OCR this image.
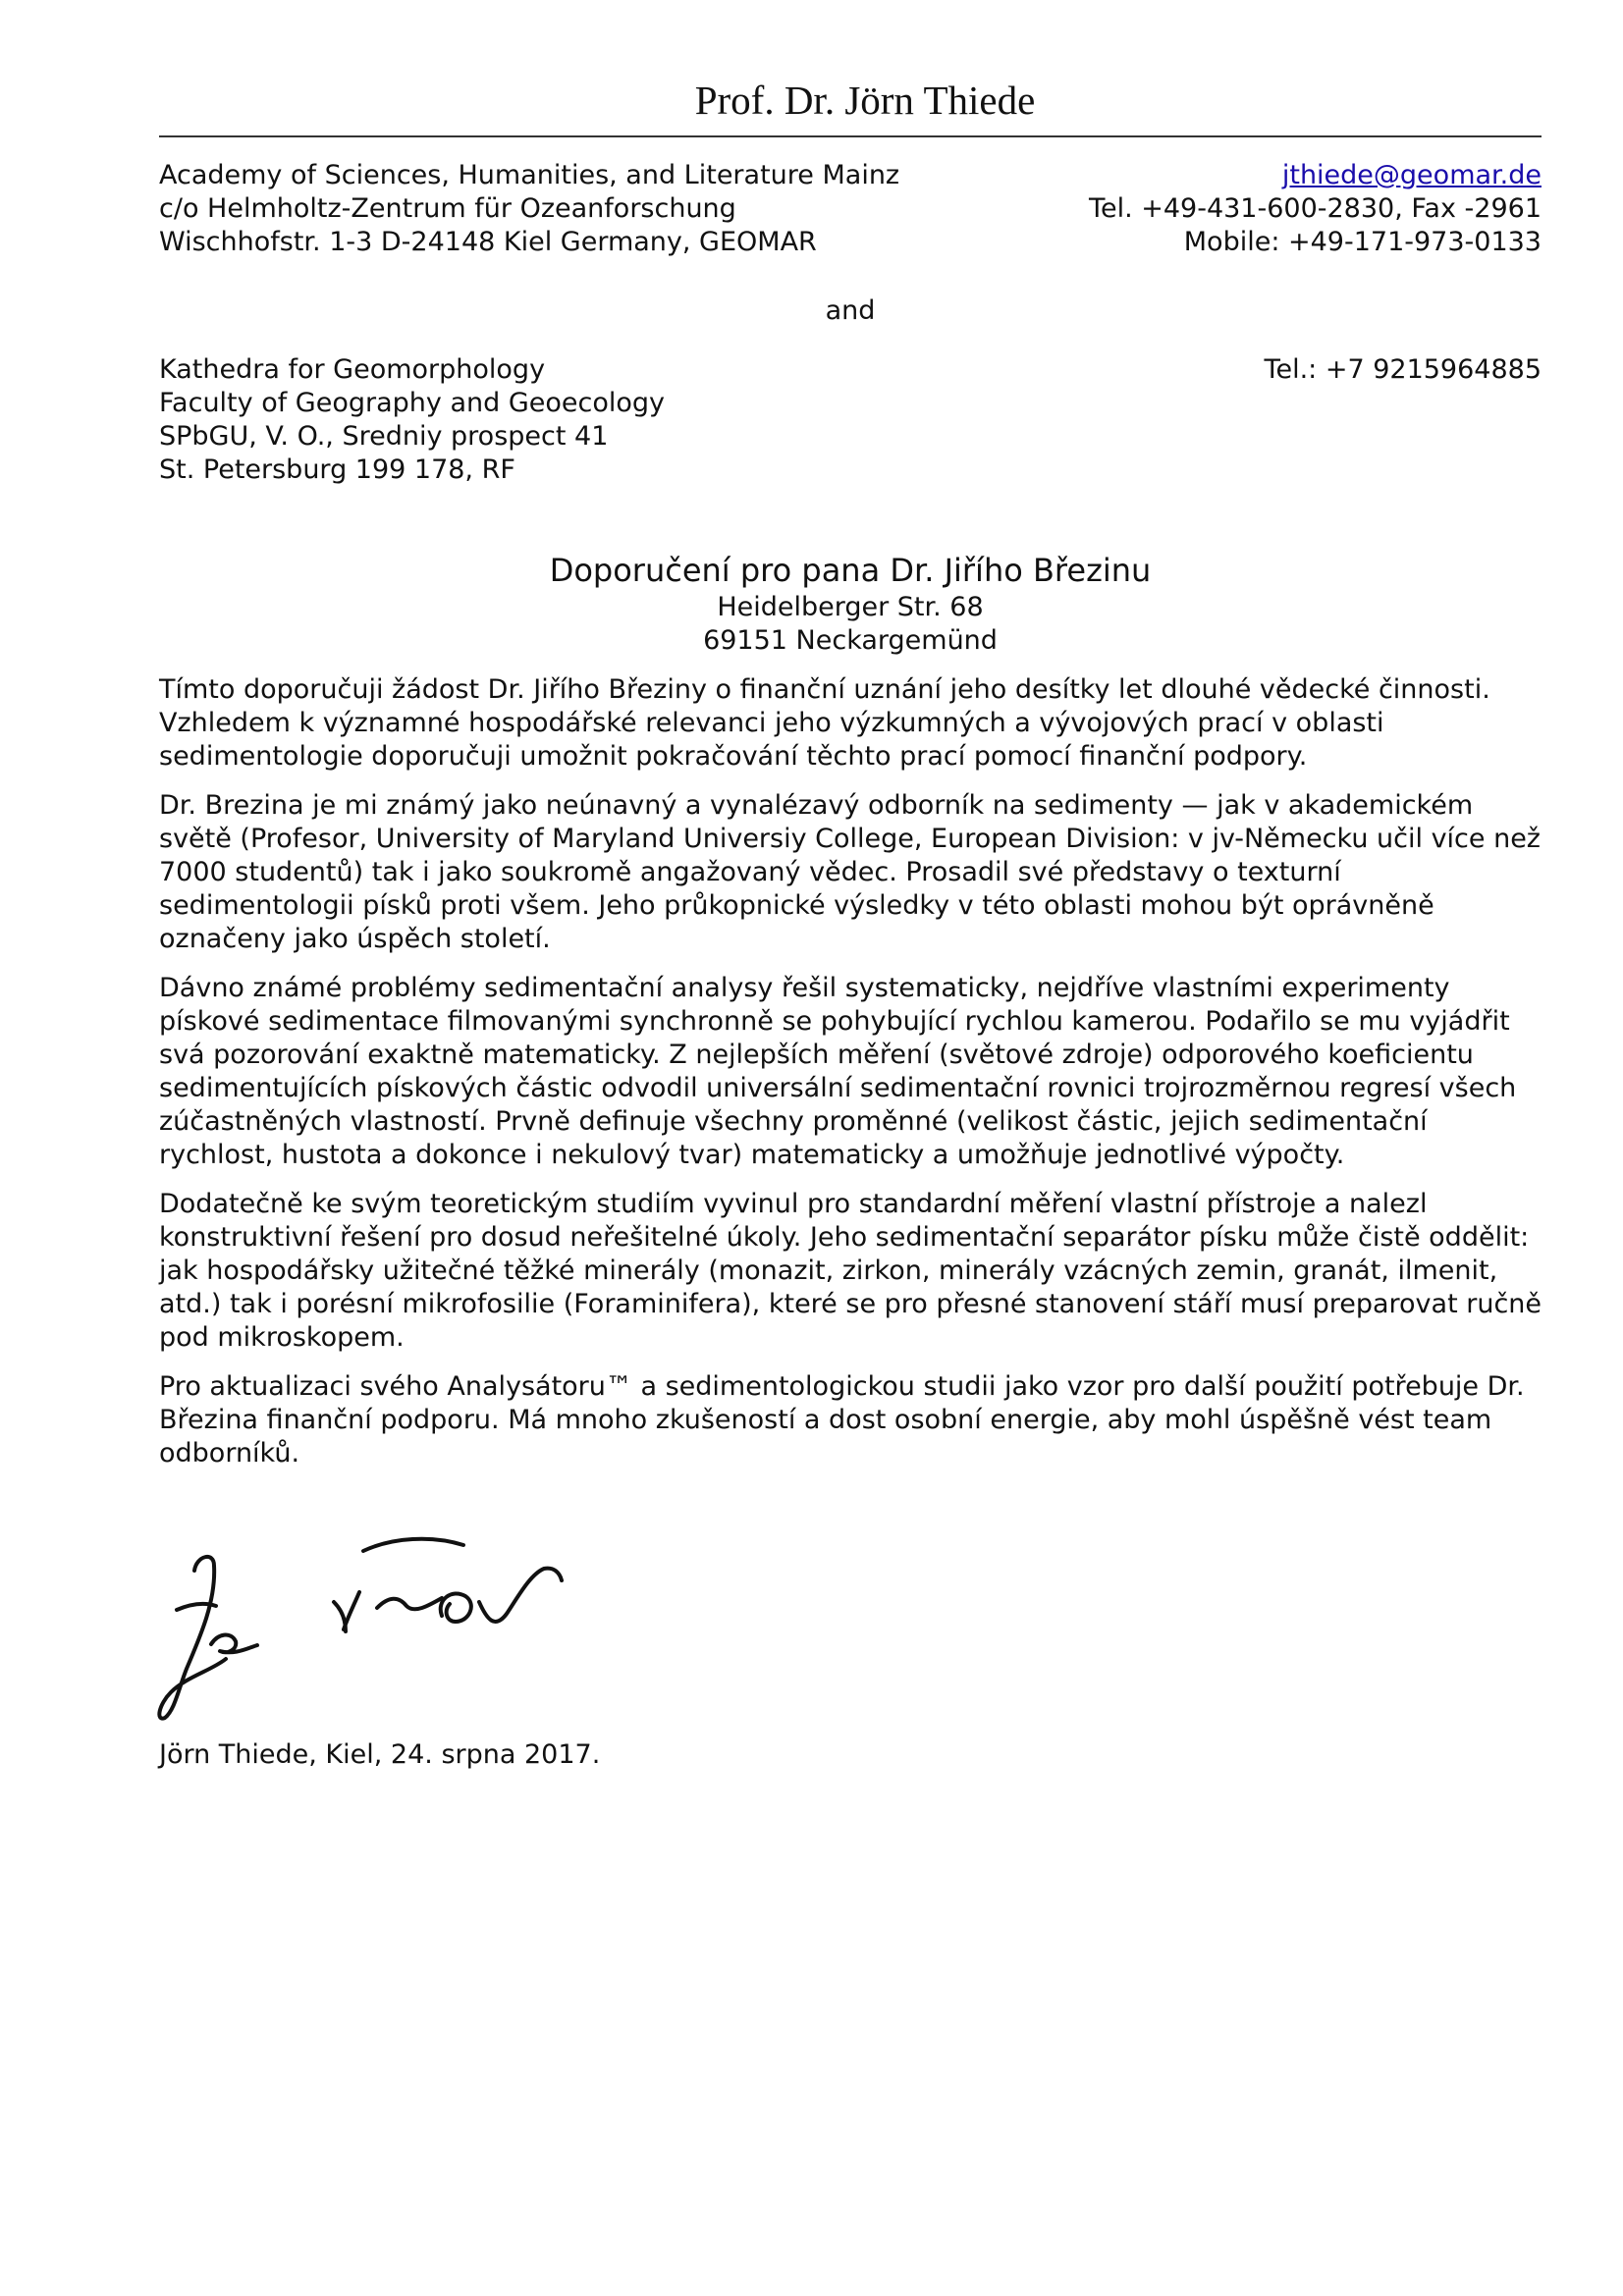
Prof. Dr. Jörn Thiede
Academy of Sciences, Humanities, and Literature Mainz
c/o Helmholtz-Zentrum für Ozeanforschung
Wischhofstr. 1-3 D-24148 Kiel Germany, GEOMAR
jthiede@geomar.de
Tel. +49-431-600-2830, Fax -2961
Mobile: +49-171-973-0133
and
Kathedra for Geomorphology
Faculty of Geography and Geoecology
SPbGU, V. O., Sredniy prospect 41
St. Petersburg 199 178, RF
Tel.: +7 9215964885
Doporučení pro pana Dr. Jiřího Březinu
Heidelberger Str. 68
69151 Neckargemünd

Tímto doporučuji žádost Dr. Jiřího Březiny o finanční uznání jeho desítky let dlouhé vědecké činnosti. Vzhledem k významné hospodářské relevanci jeho výzkumných a vývojových prací v oblasti sedimentologie doporučuji umožnit pokračování těchto prací pomocí finanční podpory.

Dr. Brezina je mi známý jako neúnavný a vynalézavý odborník na sedimenty — jak v akademickém světě (Profesor, University of Maryland Universiy College, European Division: v jv-Německu učil více než 7000 studentů) tak i jako soukromě angažovaný vědec. Prosadil své představy o texturní sedimentologii písků proti všem. Jeho průkopnické výsledky v této oblasti mohou být oprávněně označeny jako úspěch století.

Dávno známé problémy sedimentační analysy řešil systematicky, nejdříve vlastními experimenty pískové sedimentace filmovanými synchronně se pohybující rychlou kamerou. Podařilo se mu vyjádřit svá pozorování exaktně matematicky. Z nejlepších měření (světové zdroje) odporového koeficientu sedimentujících pískových částic odvodil universální sedimentační rovnici trojrozměrnou regresí všech zúčastněných vlastností. Prvně definuje všechny proměnné (velikost částic, jejich sedimentační rychlost, hustota a dokonce i nekulový tvar) matematicky a umožňuje jednotlivé výpočty.

Dodatečně ke svým teoretickým studiím vyvinul pro standardní měření vlastní přístroje a nalezl konstruktivní řešení pro dosud neřešitelné úkoly. Jeho sedimentační separátor písku může čistě oddělit: jak hospodářsky užitečné těžké minerály (monazit, zirkon, minerály vzácných zemin, granát, ilmenit, atd.) tak i porésní mikrofosilie (Foraminifera), které se pro přesné stanovení stáří musí preparovat ručně pod mikroskopem.

Pro aktualizaci svého Analysátoru™ a sedimentologickou studii jako vzor pro další použití potřebuje Dr. Březina finanční podporu. Má mnoho zkušeností a dost osobní energie, aby mohl úspěšně vést team odborníků.

Jörn Thiede, Kiel, 24. srpna 2017.
